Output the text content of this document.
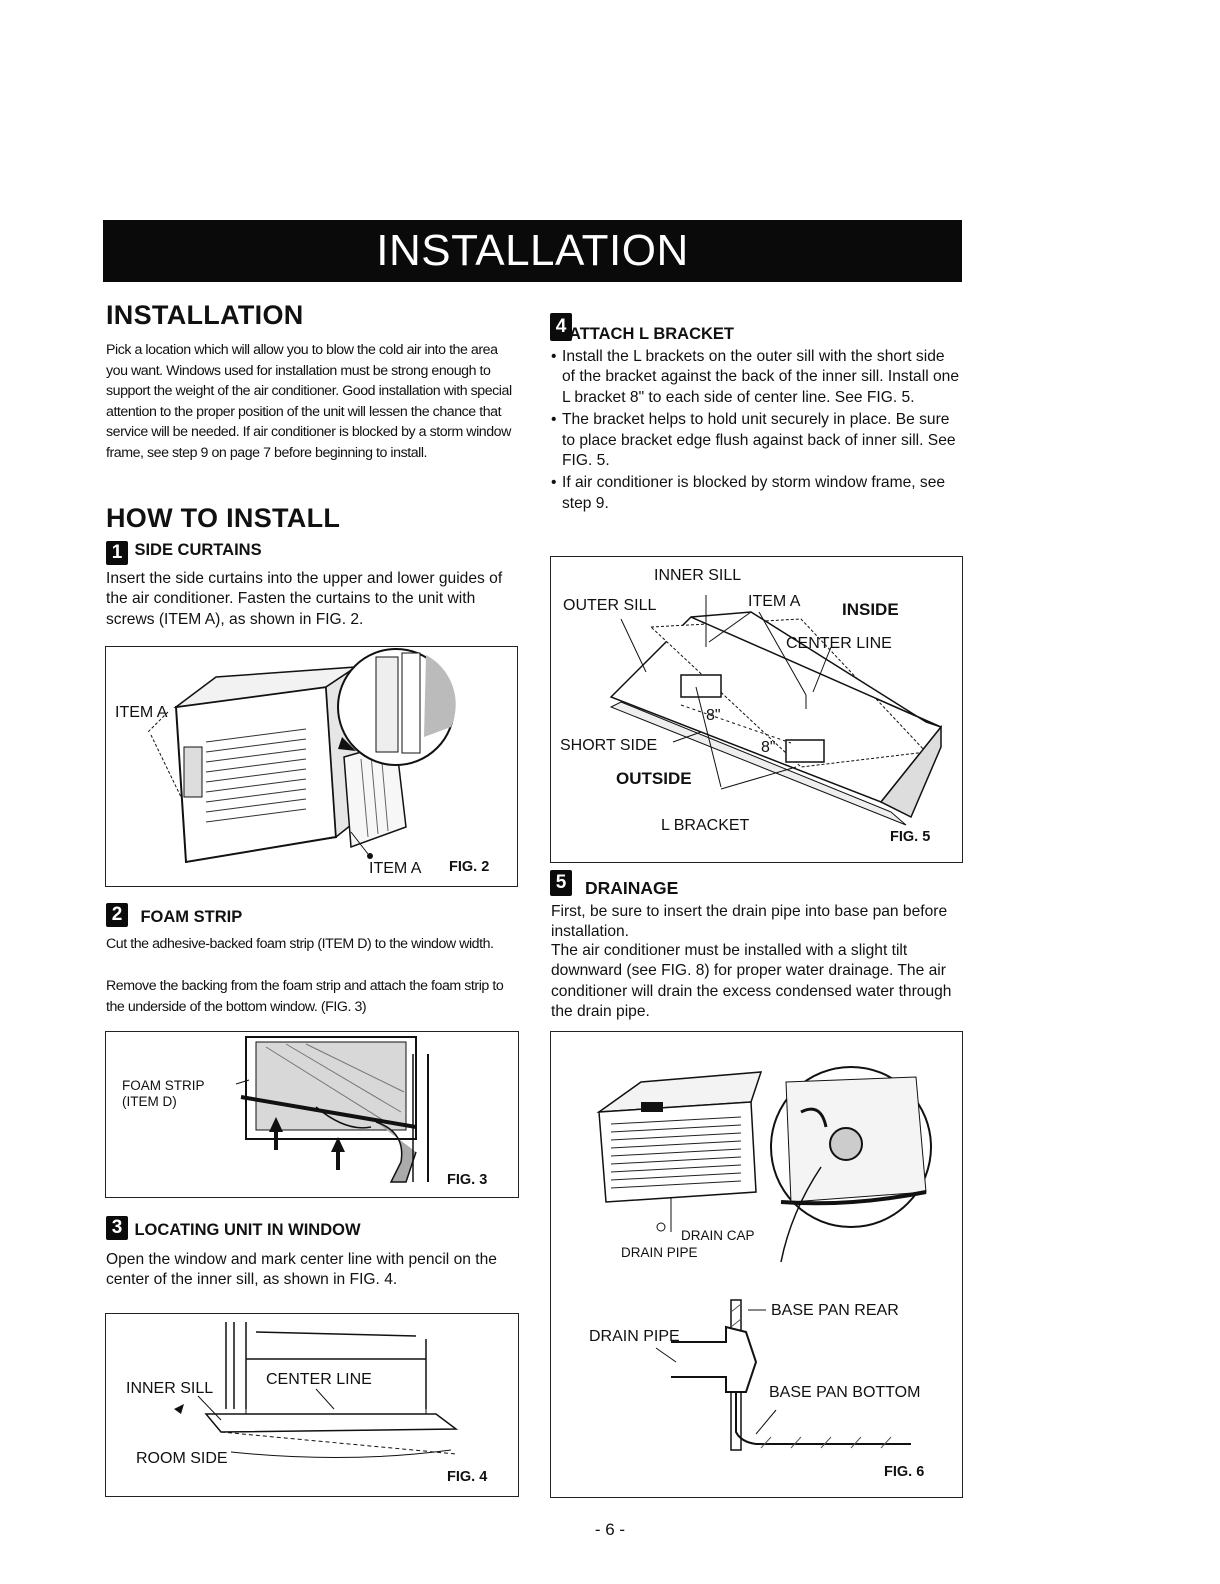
INSTALLATION
INSTALLATION
Pick a location which will allow you to blow the cold air into the area you want. Windows used for installation must be strong enough to support the weight of the air conditioner. Good installation with special attention to the proper position of the unit will lessen the chance that service will be needed. If air conditioner is blocked by a storm window frame, see step 9 on page 7 before beginning to install.
HOW TO INSTALL
1 SIDE CURTAINS
Insert the side curtains into the upper and lower guides of the air conditioner. Fasten the curtains to the unit with screws (ITEM A), as shown in FIG. 2.
ITEM A
ITEM A FIG. 2
2 FOAM STRIP
Cut the adhesive-backed foam strip (ITEM D) to the window width.
Remove the backing from the foam strip and attach the foam strip to the underside of the bottom window. (FIG. 3)
FOAM STRIP
(ITEM D)
FIG. 3
3 LOCATING UNIT IN WINDOW
Open the window and mark center line with pencil on the center of the inner sill, as shown in FIG. 4.
INNER SILL
CENTER LINE
ROOM SIDE
FIG. 4
4 ATTACH L BRACKET
• Install the L brackets on the outer sill with the short side of the bracket against the back of the inner sill. Install one L bracket 8" to each side of center line. See FIG. 5.
• The bracket helps to hold unit securely in place. Be sure to place bracket edge flush against back of inner sill. See FIG. 5.
• If air conditioner is blocked by storm window frame, see step 9.
INNER SILL
OUTER SILL	ITEM A INSIDE
CENTER LINE
8"
8"
SHORT SIDE
OUTSIDE
L BRACKET
FIG. 5
5	DRAINAGE
First, be sure to insert the drain pipe into base pan before installation.
The air conditioner must be installed with a slight tilt downward (see FIG. 8) for proper water drainage. The air conditioner will drain the excess condensed water through the drain pipe.
DRAIN CAP
DRAIN PIPE
BASE PAN REAR
DRAIN PIPE
BASE PAN BOTTOM
FIG. 6
- 6 -
